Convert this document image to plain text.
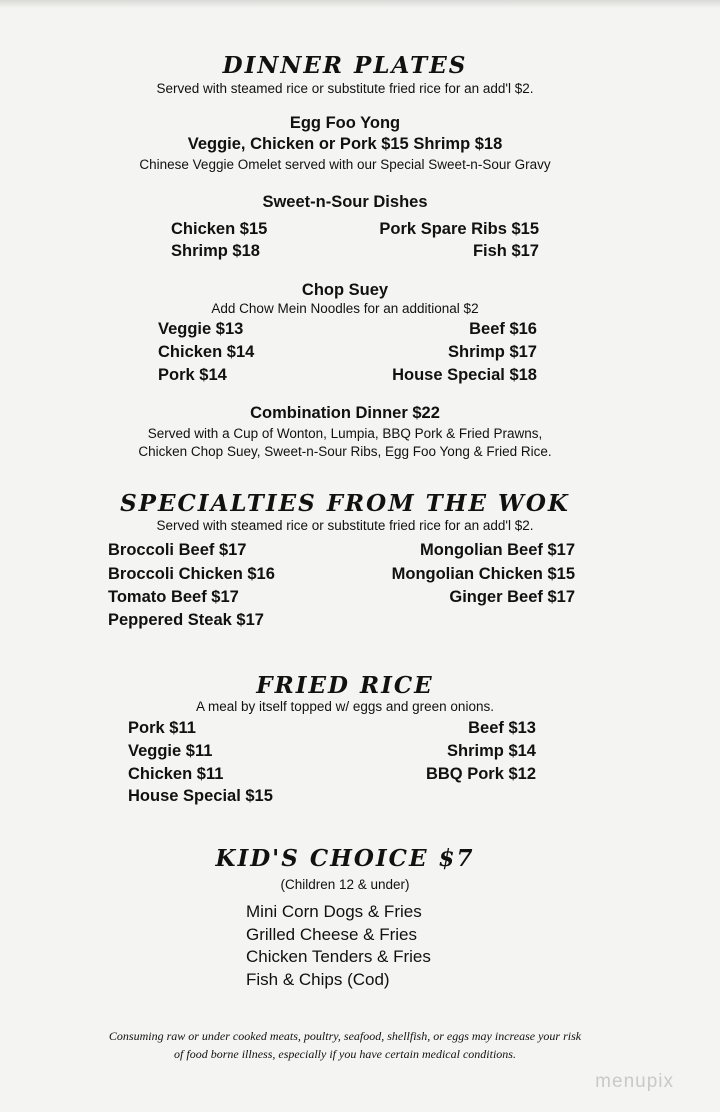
DINNER PLATES
Served with steamed rice or substitute fried rice for an add'l $2.
Egg Foo Yong
Veggie, Chicken or Pork $15 Shrimp $18
Chinese Veggie Omelet served with our Special Sweet-n-Sour Gravy
Sweet-n-Sour Dishes
Chicken $15	Pork Spare Ribs $15
Shrimp $18	Fish $17
Chop Suey
Add Chow Mein Noodles for an additional $2
Veggie $13	Beef $16
Chicken $14	Shrimp $17
Pork $14	House Special $18
Combination Dinner $22
Served with a Cup of Wonton, Lumpia, BBQ Pork & Fried Prawns,
Chicken Chop Suey, Sweet-n-Sour Ribs, Egg Foo Yong & Fried Rice.
SPECIALTIES FROM THE WOK
Served with steamed rice or substitute fried rice for an add'l $2.
Broccoli Beef $17	Mongolian Beef $17
Broccoli Chicken $16	Mongolian Chicken $15
Tomato Beef $17	Ginger Beef $17
Peppered Steak $17
FRIED RICE
A meal by itself topped w/ eggs and green onions.
Pork $11	Beef $13
Veggie $11	Shrimp $14
Chicken $11	BBQ Pork $12
House Special $15
KID'S CHOICE $7
(Children 12 & under)
Mini Corn Dogs & Fries
Grilled Cheese & Fries
Chicken Tenders & Fries
Fish & Chips (Cod)
Consuming raw or under cooked meats, poultry, seafood, shellfish, or eggs may increase your risk
of food borne illness, especially if you have certain medical conditions.
menupix
